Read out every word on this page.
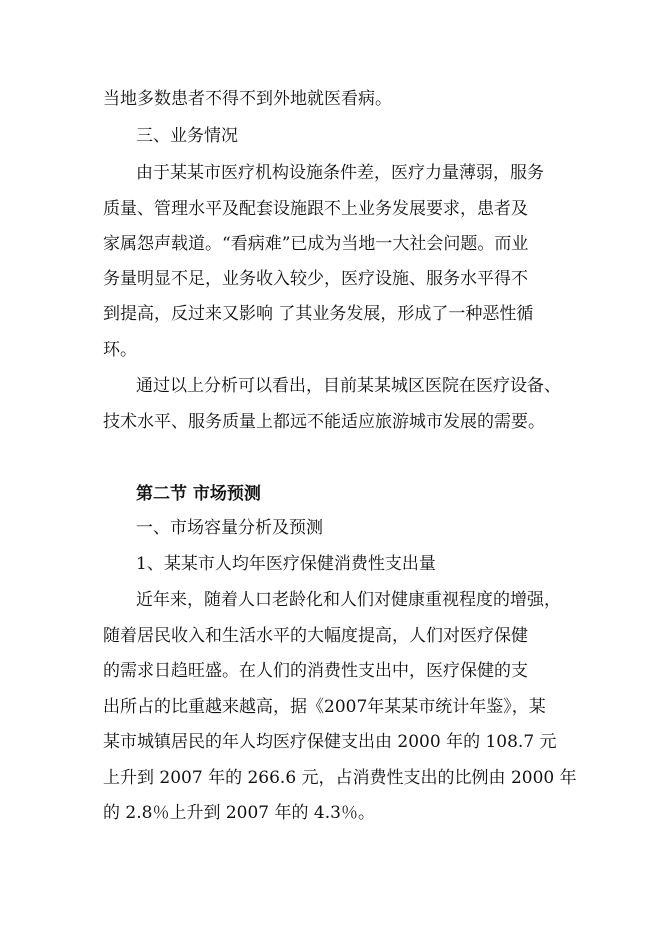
当地多数患者不得不到外地就医看病。

三、业务情况

由于某某市医疗机构设施条件差，医疗力量薄弱，服务

质量、管理水平及配套设施跟不上业务发展要求，患者及

家属怨声载道。“看病难”已成为当地一大社会问题。而业

务量明显不足，业务收入较少，医疗设施、服务水平得不

到提高，反过来又影响 了其业务发展，形成了一种恶性循

环。

通过以上分析可以看出，目前某某城区医院在医疗设备、

技术水平、服务质量上都远不能适应旅游城市发展的需要。

第二节 市场预测

一、市场容量分析及预测

1、某某市人均年医疗保健消费性支出量

近年来，随着人口老龄化和人们对健康重视程度的增强，

随着居民收入和生活水平的大幅度提高，人们对医疗保健

的需求日趋旺盛。在人们的消费性支出中，医疗保健的支

出所占的比重越来越高，据《2007年某某市统计年鉴》，某

某市城镇居民的年人均医疗保健支出由 2000 年的 108.7 元

上升到 2007 年的 266.6 元，占消费性支出的比例由 2000 年

的 2.8％上升到 2007 年的 4.3％。
